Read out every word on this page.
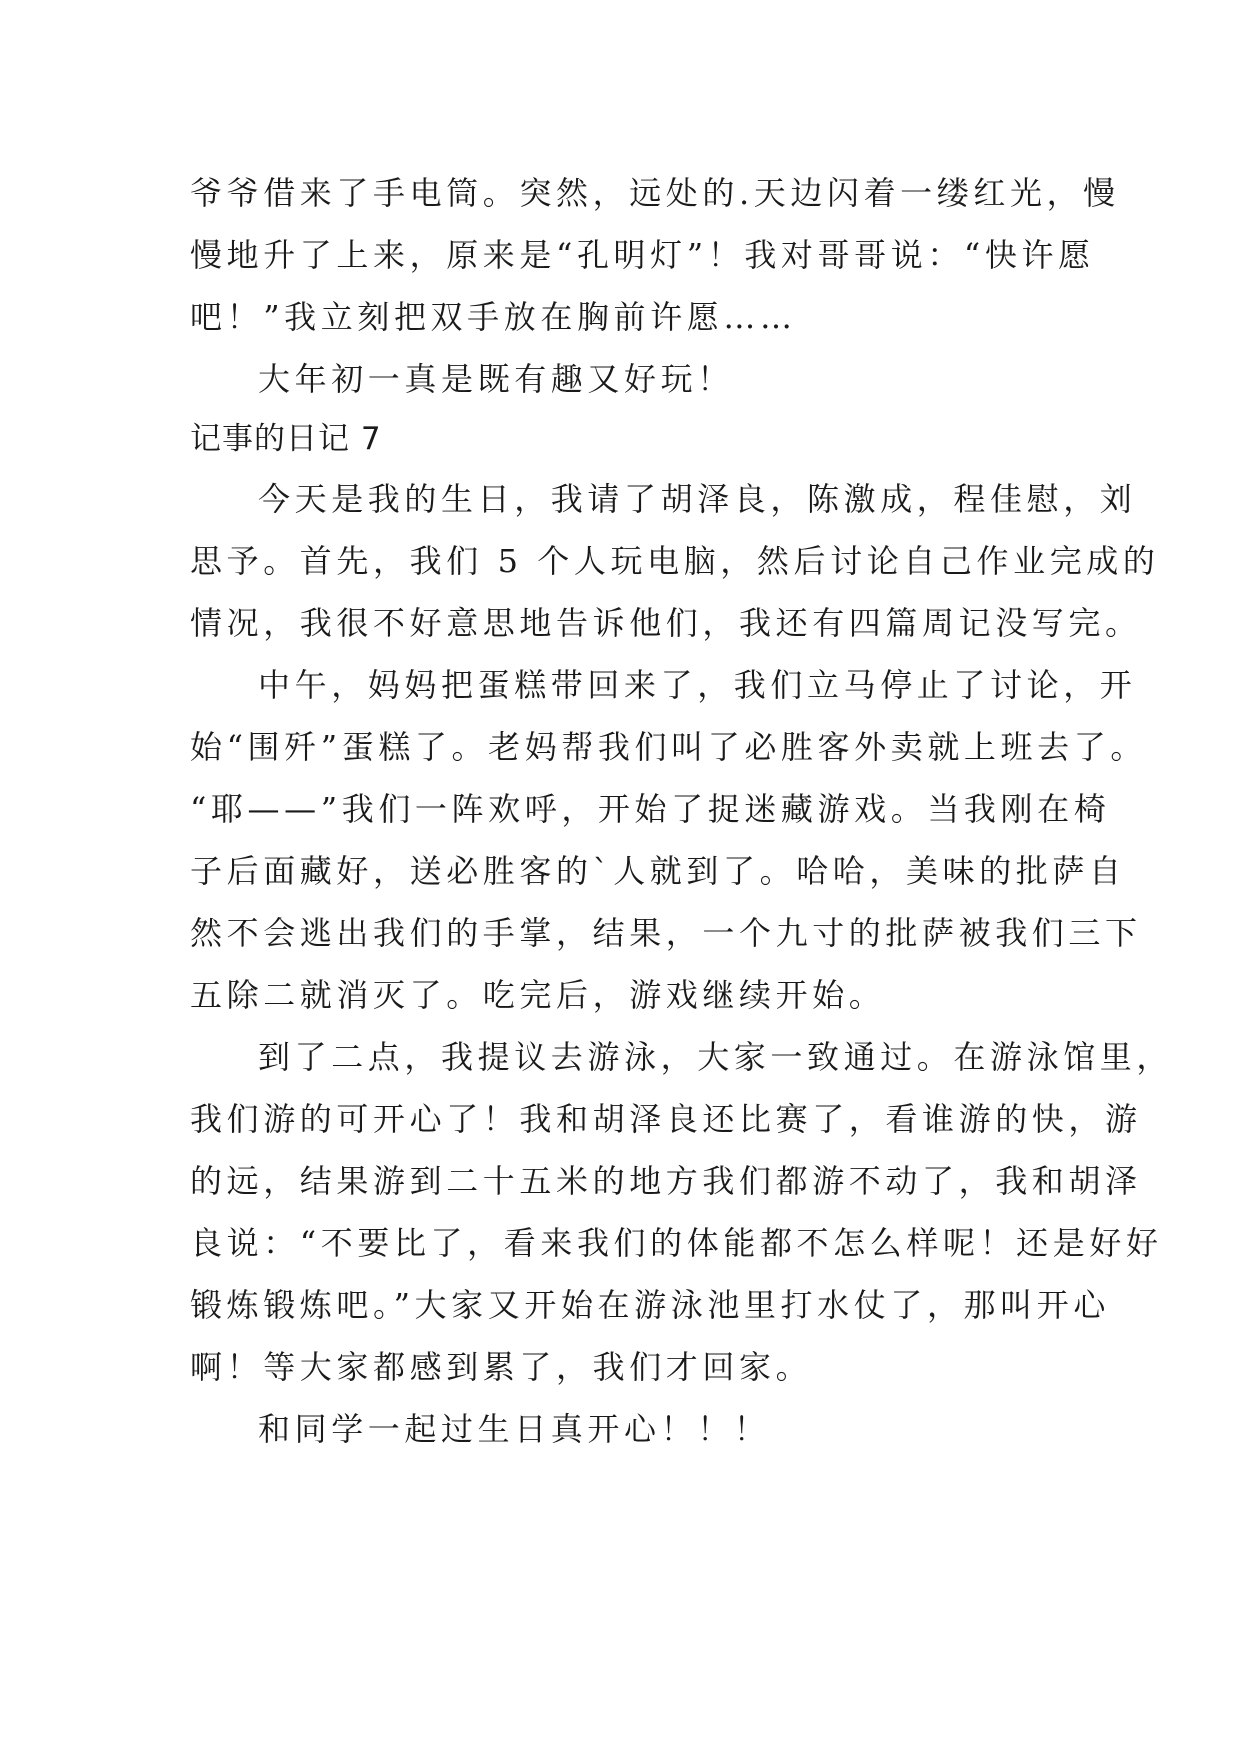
爷爷借来了手电筒。突然，远处的.天边闪着一缕红光，慢
慢地升了上来，原来是“孔明灯”！我对哥哥说：“快许愿
吧！”我立刻把双手放在胸前许愿……
大年初一真是既有趣又好玩！
记事的日记 7
今天是我的生日，我请了胡泽良，陈激成，程佳慰，刘
思予。首先，我们 5 个人玩电脑，然后讨论自己作业完成的
情况，我很不好意思地告诉他们，我还有四篇周记没写完。
中午，妈妈把蛋糕带回来了，我们立马停止了讨论，开
始“围歼”蛋糕了。老妈帮我们叫了必胜客外卖就上班去了。
“耶——”我们一阵欢呼，开始了捉迷藏游戏。当我刚在椅
子后面藏好，送必胜客的`人就到了。哈哈，美味的批萨自
然不会逃出我们的手掌，结果，一个九寸的批萨被我们三下
五除二就消灭了。吃完后，游戏继续开始。
到了二点，我提议去游泳，大家一致通过。在游泳馆里，
我们游的可开心了！我和胡泽良还比赛了，看谁游的快，游
的远，结果游到二十五米的地方我们都游不动了，我和胡泽
良说：“不要比了，看来我们的体能都不怎么样呢！还是好好
锻炼锻炼吧。”大家又开始在游泳池里打水仗了，那叫开心
啊！等大家都感到累了，我们才回家。
和同学一起过生日真开心！！！
